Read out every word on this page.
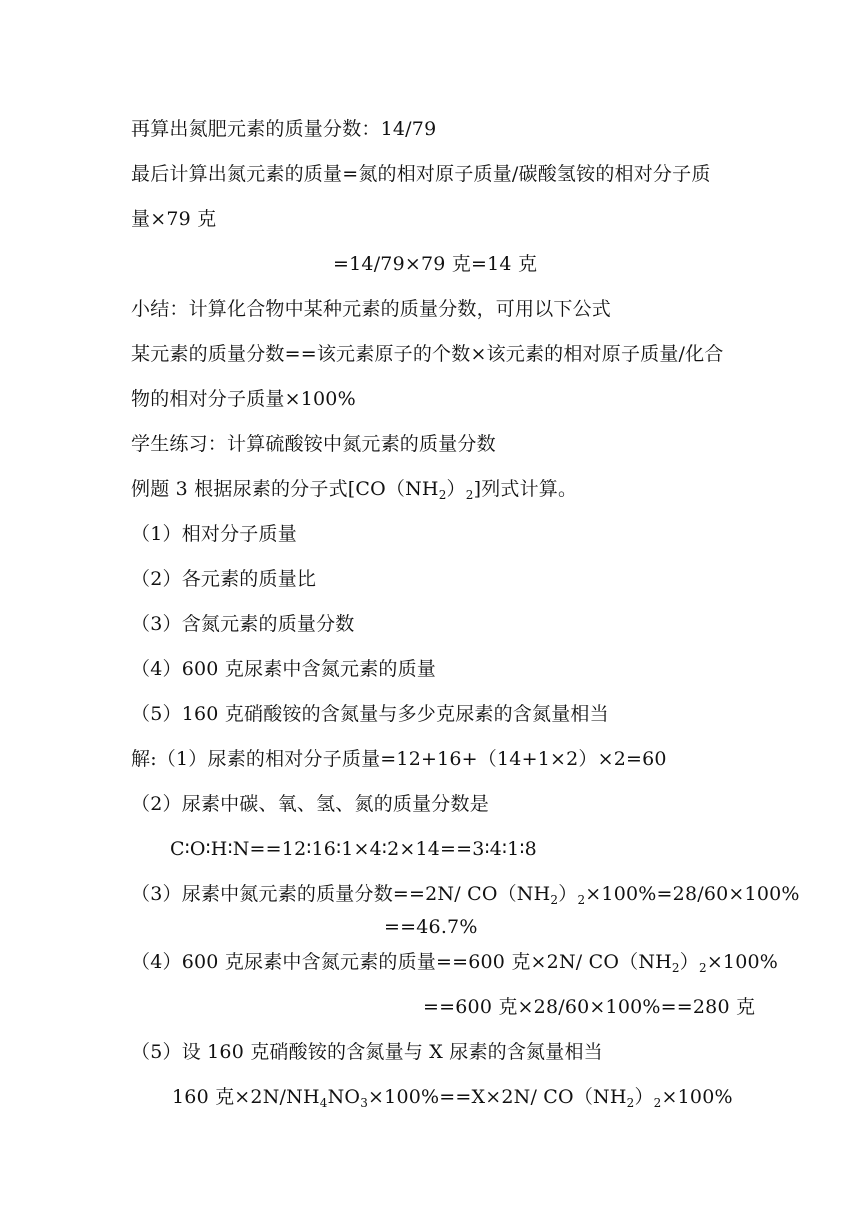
再算出氮肥元素的质量分数：14/79
最后计算出氮元素的质量=氮的相对原子质量/碳酸氢铵的相对分子质
量×79 克
=14/79×79 克=14 克
小结：计算化合物中某种元素的质量分数，可用以下公式
某元素的质量分数==该元素原子的个数×该元素的相对原子质量/化合
物的相对分子质量×100%
学生练习：计算硫酸铵中氮元素的质量分数
例题 3 根据尿素的分子式$[CO(NH_2)_2]$列式计算。
（1）相对分子质量
（2）各元素的质量比
（3）含氮元素的质量分数
（4）600 克尿素中含氮元素的质量
（5）160 克硝酸铵的含氮量与多少克尿素的含氮量相当
解:（1）尿素的相对分子质量=12+16+（14+1×2）×2=60
（2）尿素中碳、氧、氢、氮的质量分数是
C∶O∶H∶N==12∶16∶1×4∶2×14==3∶4∶1∶8
（3）尿素中氮元素的质量分数==2N/ $CO(NH_2)_2\times 100\%=28/60\times 100\%$
==46.7%
（4）600 克尿素中含氮元素的质量==600 克×2N/ $CO(NH_2)_2\times 100\%$
==600 克×28/60×100%==280 克
（5）设 160 克硝酸铵的含氮量与 X 尿素的含氮量相当
160 克$\times 2N/NH_4NO_3\times 100\%==X\times 2N/$ $CO(NH_2)_2\times 100\%$
